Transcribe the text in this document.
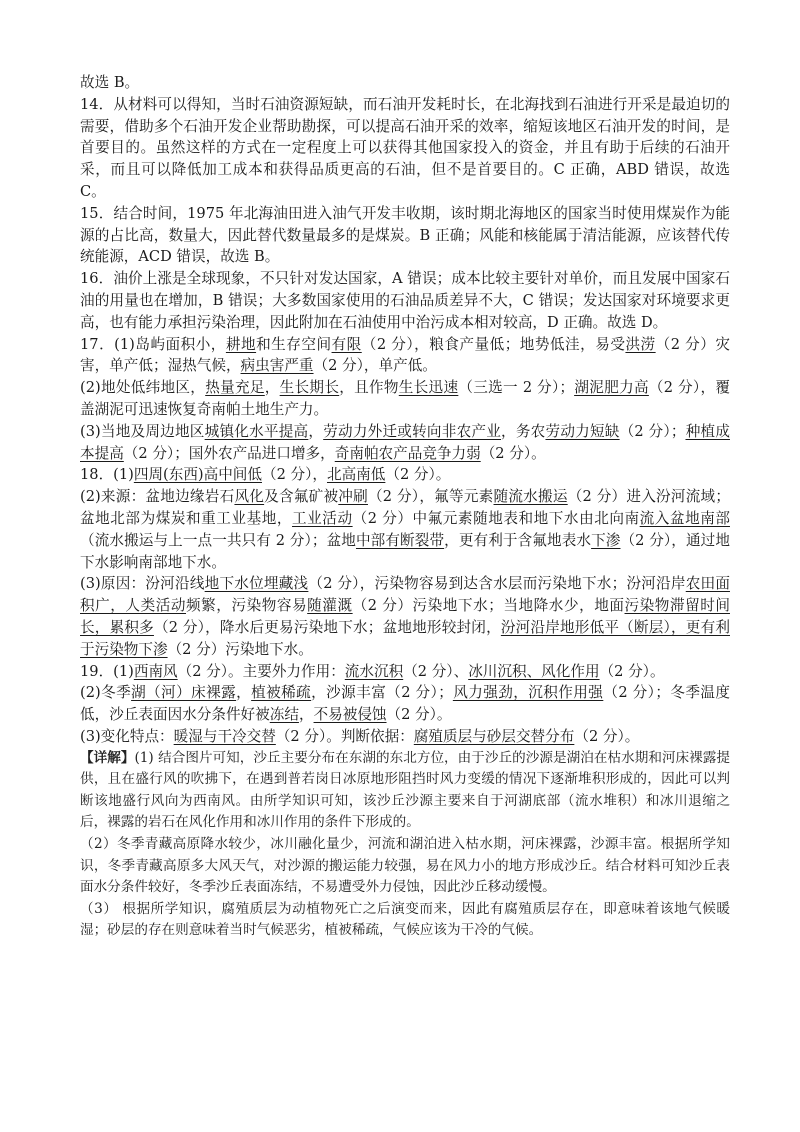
故选 B。

14．从材料可以得知，当时石油资源短缺，而石油开发耗时长，在北海找到石油进行开采是最迫切的需要，借助多个石油开发企业帮助勘探，可以提高石油开采的效率，缩短该地区石油开发的时间，是首要目的。虽然这样的方式在一定程度上可以获得其他国家投入的资金，并且有助于后续的石油开采，而且可以降低加工成本和获得品质更高的石油，但不是首要目的。C 正确，ABD 错误，故选 C。

15．结合时间，1975 年北海油田进入油气开发丰收期，该时期北海地区的国家当时使用煤炭作为能源的占比高，数量大，因此替代数量最多的是煤炭。B 正确；风能和核能属于清洁能源，应该替代传统能源，ACD 错误，故选 B。

16．油价上涨是全球现象，不只针对发达国家，A 错误；成本比较主要针对单价，而且发展中国家石油的用量也在增加，B 错误；大多数国家使用的石油品质差异不大，C 错误；发达国家对环境要求更高，也有能力承担污染治理，因此附加在石油使用中治污成本相对较高，D 正确。故选 D。

17．(1)岛屿面积小，耕地和生存空间有限（2 分），粮食产量低；地势低洼，易受洪涝（2 分）灾害，单产低；湿热气候，病虫害严重（2 分），单产低。

(2)地处低纬地区，热量充足，生长期长，且作物生长迅速（三选一 2 分）；湖泥肥力高（2 分），覆盖湖泥可迅速恢复奇南帕土地生产力。

(3)当地及周边地区城镇化水平提高，劳动力外迁或转向非农产业，务农劳动力短缺（2 分）；种植成本提高（2 分）；国外农产品进口增多，奇南帕农产品竞争力弱（2 分）。

18．(1)四周(东西)高中间低（2 分），北高南低（2 分）。

(2)来源：盆地边缘岩石风化及含氟矿被冲刷（2 分），氟等元素随流水搬运（2 分）进入汾河流域；盆地北部为煤炭和重工业基地，工业活动（2 分）中氟元素随地表和地下水由北向南流入盆地南部（流水搬运与上一点一共只有 2 分）；盆地中部有断裂带，更有利于含氟地表水下渗（2 分），通过地下水影响南部地下水。

(3)原因：汾河沿线地下水位埋藏浅（2 分），污染物容易到达含水层而污染地下水；汾河沿岸农田面积广，人类活动频繁，污染物容易随灌溉（2 分）污染地下水；当地降水少，地面污染物滞留时间长，累积多（2 分），降水后更易污染地下水；盆地地形较封闭，汾河沿岸地形低平（断层），更有利于污染物下渗（2 分）污染地下水。

19．(1)西南风（2 分）。主要外力作用：流水沉积（2 分）、冰川沉积、风化作用（2 分）。

(2)冬季湖（河）床裸露，植被稀疏，沙源丰富（2 分）；风力强劲，沉积作用强（2 分）；冬季温度低，沙丘表面因水分条件好被冻结，不易被侵蚀（2 分）。

(3)变化特点：暖湿与干冷交替（2 分）。判断依据：腐殖质层与砂层交替分布（2 分）。

【详解】(1) 结合图片可知，沙丘主要分布在东湖的东北方位，由于沙丘的沙源是湖泊在枯水期和河床裸露提供，且在盛行风的吹拂下，在遇到普若岗日冰原地形阻挡时风力变缓的情况下逐渐堆积形成的，因此可以判断该地盛行风向为西南风。由所学知识可知，该沙丘沙源主要来自于河湖底部（流水堆积）和冰川退缩之后，裸露的岩石在风化作用和冰川作用的条件下形成的。

（2）冬季青藏高原降水较少，冰川融化量少，河流和湖泊进入枯水期，河床裸露，沙源丰富。根据所学知识，冬季青藏高原多大风天气，对沙源的搬运能力较强，易在风力小的地方形成沙丘。结合材料可知沙丘表面水分条件较好，冬季沙丘表面冻结，不易遭受外力侵蚀，因此沙丘移动缓慢。

（3） 根据所学知识，腐殖质层为动植物死亡之后演变而来，因此有腐殖质层存在，即意味着该地气候暖湿；砂层的存在则意味着当时气候恶劣，植被稀疏，气候应该为干冷的气候。
